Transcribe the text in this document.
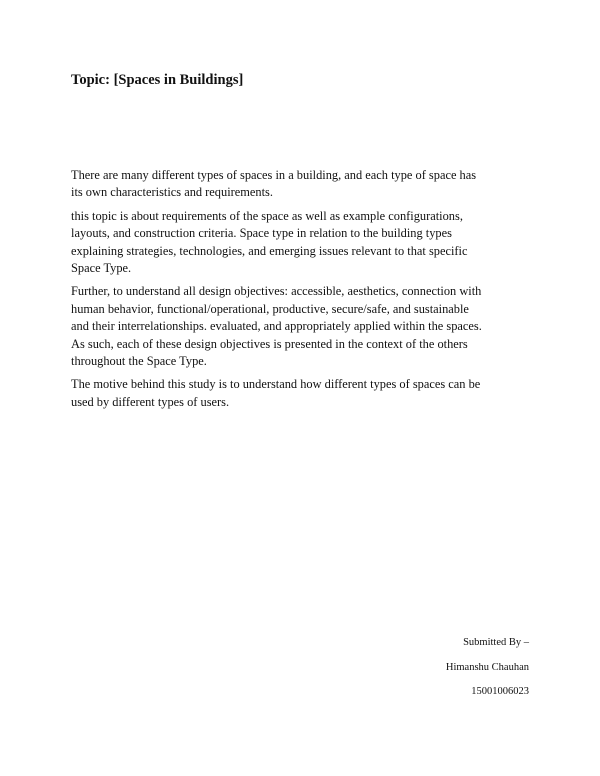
Topic: [Spaces in Buildings]

There are many different types of spaces in a building, and each type of space has
its own characteristics and requirements.

this topic is about requirements of the space as well as example configurations,
layouts, and construction criteria. Space type in relation to the building types
explaining strategies, technologies, and emerging issues relevant to that specific
Space Type.

Further, to understand all design objectives: accessible, aesthetics, connection with
human behavior, functional/operational, productive, secure/safe, and sustainable
and their interrelationships. evaluated, and appropriately applied within the spaces.
As such, each of these design objectives is presented in the context of the others
throughout the Space Type.

The motive behind this study is to understand how different types of spaces can be
used by different types of users.

Submitted By –
Himanshu Chauhan
15001006023
